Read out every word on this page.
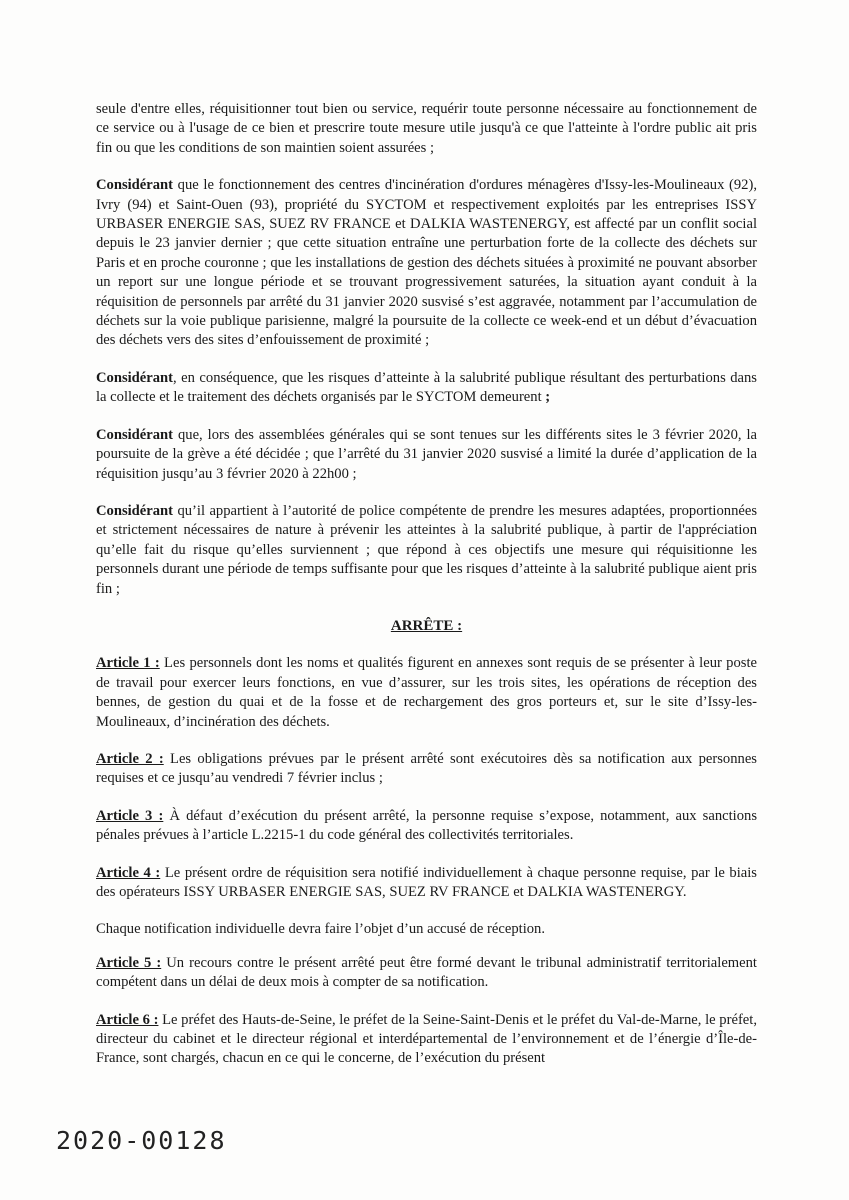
seule d'entre elles, réquisitionner tout bien ou service, requérir toute personne nécessaire au fonctionnement de ce service ou à l'usage de ce bien et prescrire toute mesure utile jusqu'à ce que l'atteinte à l'ordre public ait pris fin ou que les conditions de son maintien soient assurées ;

Considérant que le fonctionnement des centres d'incinération d'ordures ménagères d'Issy-les-Moulineaux (92), Ivry (94) et Saint-Ouen (93), propriété du SYCTOM et respectivement exploités par les entreprises ISSY URBASER ENERGIE SAS, SUEZ RV FRANCE et DALKIA WASTENERGY, est affecté par un conflit social depuis le 23 janvier dernier ; que cette situation entraîne une perturbation forte de la collecte des déchets sur Paris et en proche couronne ; que les installations de gestion des déchets situées à proximité ne pouvant absorber un report sur une longue période et se trouvant progressivement saturées, la situation ayant conduit à la réquisition de personnels par arrêté du 31 janvier 2020 susvisé s’est aggravée, notamment par l’accumulation de déchets sur la voie publique parisienne, malgré la poursuite de la collecte ce week-end et un début d’évacuation des déchets vers des sites d’enfouissement de proximité ;

Considérant, en conséquence, que les risques d’atteinte à la salubrité publique résultant des perturbations dans la collecte et le traitement des déchets organisés par le SYCTOM demeurent ;

Considérant que, lors des assemblées générales qui se sont tenues sur les différents sites le 3 février 2020, la poursuite de la grève a été décidée ; que l’arrêté du 31 janvier 2020 susvisé a limité la durée d’application de la réquisition jusqu’au 3 février 2020 à 22h00 ;

Considérant qu’il appartient à l’autorité de police compétente de prendre les mesures adaptées, proportionnées et strictement nécessaires de nature à prévenir les atteintes à la salubrité publique, à partir de l'appréciation qu’elle fait du risque qu’elles surviennent ; que répond à ces objectifs une mesure qui réquisitionne les personnels durant une période de temps suffisante pour que les risques d’atteinte à la salubrité publique aient pris fin ;

ARRÊTE :

Article 1 : Les personnels dont les noms et qualités figurent en annexes sont requis de se présenter à leur poste de travail pour exercer leurs fonctions, en vue d’assurer, sur les trois sites, les opérations de réception des bennes, de gestion du quai et de la fosse et de rechargement des gros porteurs et, sur le site d’Issy-les-Moulineaux, d’incinération des déchets.

Article 2 : Les obligations prévues par le présent arrêté sont exécutoires dès sa notification aux personnes requises et ce jusqu’au vendredi 7 février inclus ;

Article 3 : À défaut d’exécution du présent arrêté, la personne requise s’expose, notamment, aux sanctions pénales prévues à l’article L.2215-1 du code général des collectivités territoriales.

Article 4 : Le présent ordre de réquisition sera notifié individuellement à chaque personne requise, par le biais des opérateurs ISSY URBASER ENERGIE SAS, SUEZ RV FRANCE et DALKIA WASTENERGY.

Chaque notification individuelle devra faire l’objet d’un accusé de réception.

Article 5 : Un recours contre le présent arrêté peut être formé devant le tribunal administratif territorialement compétent dans un délai de deux mois à compter de sa notification.

Article 6 : Le préfet des Hauts-de-Seine, le préfet de la Seine-Saint-Denis et le préfet du Val-de-Marne, le préfet, directeur du cabinet et le directeur régional et interdépartemental de l’environnement et de l’énergie d’Île-de-France, sont chargés, chacun en ce qui le concerne, de l’exécution du présent

2020-00128
